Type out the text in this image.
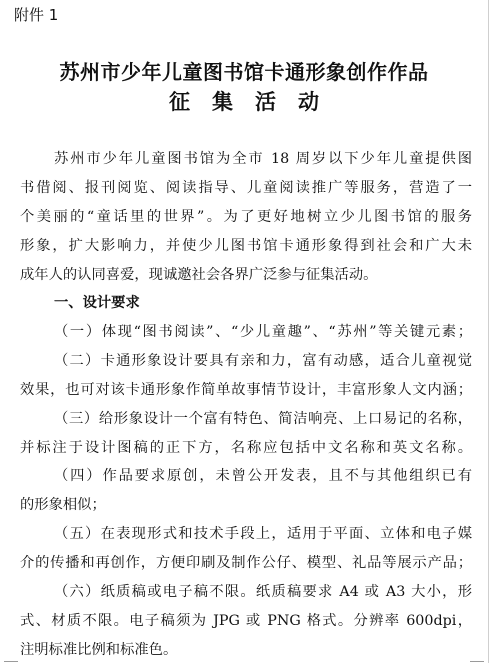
附件 1
苏州市少年儿童图书馆卡通形象创作作品
征集活动
苏州市少年儿童图书馆为全市 18 周岁以下少年儿童提供图
书借阅、报刊阅览、阅读指导、儿童阅读推广等服务，营造了一
个美丽的“童话里的世界”。为了更好地树立少儿图书馆的服务
形象，扩大影响力，并使少儿图书馆卡通形象得到社会和广大未
成年人的认同喜爱，现诚邀社会各界广泛参与征集活动。
一、设计要求
（一）体现“图书阅读”、“少儿童趣”、“苏州”等关键元素；
（二）卡通形象设计要具有亲和力，富有动感，适合儿童视觉
效果，也可对该卡通形象作简单故事情节设计，丰富形象人文内涵；
（三）给形象设计一个富有特色、简洁响亮、上口易记的名称，
并标注于设计图稿的正下方，名称应包括中文名称和英文名称。
（四）作品要求原创，未曾公开发表，且不与其他组织已有
的形象相似；
（五）在表现形式和技术手段上，适用于平面、立体和电子媒
介的传播和再创作，方便印刷及制作公仔、模型、礼品等展示产品；
（六）纸质稿或电子稿不限。纸质稿要求 A4 或 A3 大小，形
式、材质不限。电子稿须为 JPG 或 PNG 格式。分辨率 600dpi，
注明标准比例和标准色。
